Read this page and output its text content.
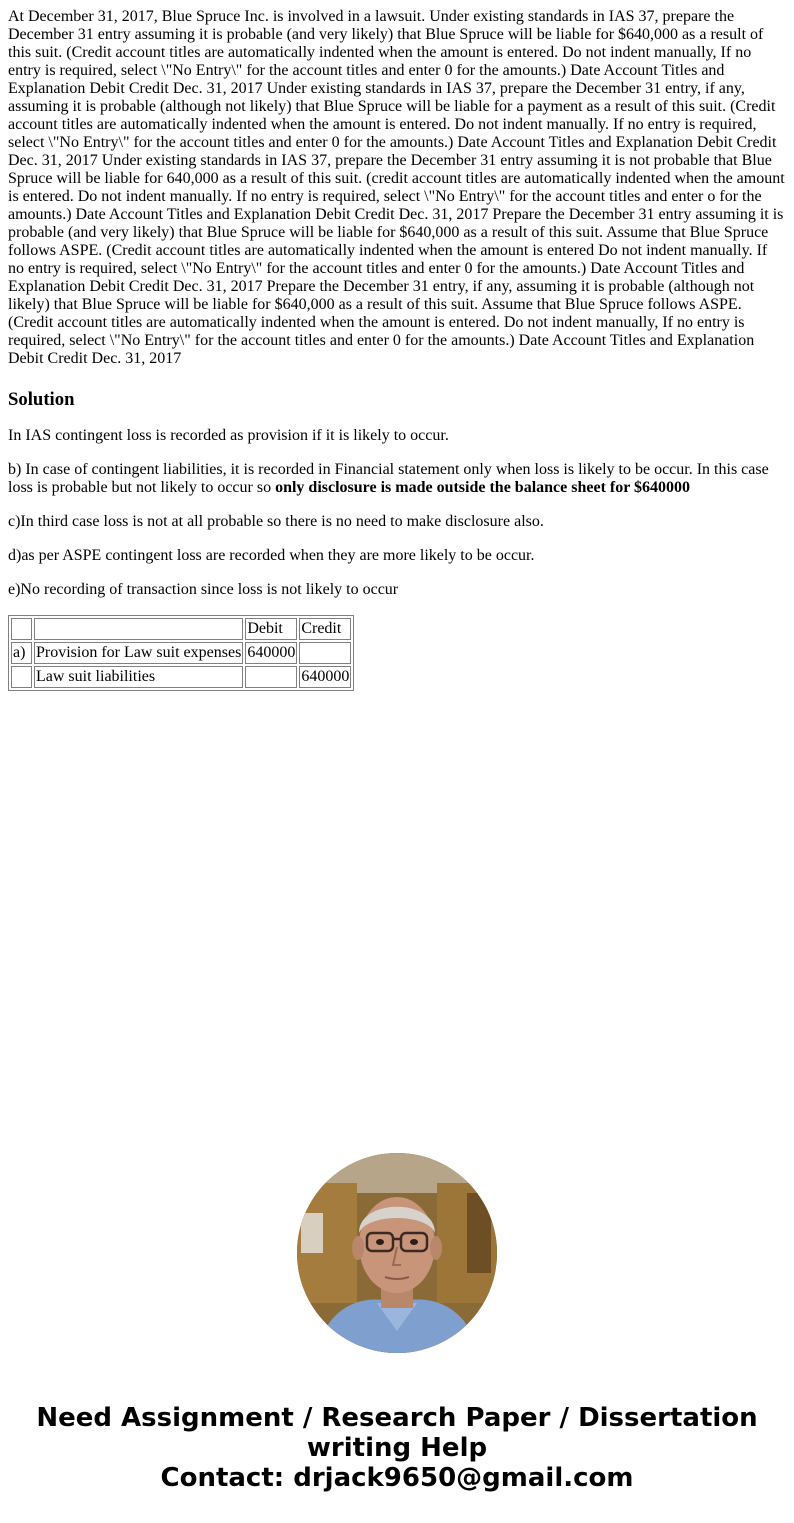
At December 31, 2017, Blue Spruce Inc. is involved in a lawsuit. Under existing standards in IAS 37, prepare the December 31 entry assuming it is probable (and very likely) that Blue Spruce will be liable for $640,000 as a result of this suit. (Credit account titles are automatically indented when the amount is entered. Do not indent manually, If no entry is required, select \"No Entry\" for the account titles and enter 0 for the amounts.) Date Account Titles and Explanation Debit Credit Dec. 31, 2017 Under existing standards in IAS 37, prepare the December 31 entry, if any, assuming it is probable (although not likely) that Blue Spruce will be liable for a payment as a result of this suit. (Credit account titles are automatically indented when the amount is entered. Do not indent manually. If no entry is required, select \"No Entry\" for the account titles and enter 0 for the amounts.) Date Account Titles and Explanation Debit Credit Dec. 31, 2017 Under existing standards in IAS 37, prepare the December 31 entry assuming it is not probable that Blue Spruce will be liable for 640,000 as a result of this suit. (credit account titles are automatically indented when the amount is entered. Do not indent manually. If no entry is required, select \"No Entry\" for the account titles and enter o for the amounts.) Date Account Titles and Explanation Debit Credit Dec. 31, 2017 Prepare the December 31 entry assuming it is probable (and very likely) that Blue Spruce will be liable for $640,000 as a result of this suit. Assume that Blue Spruce follows ASPE. (Credit account titles are automatically indented when the amount is entered Do not indent manually. If no entry is required, select \"No Entry\" for the account titles and enter 0 for the amounts.) Date Account Titles and Explanation Debit Credit Dec. 31, 2017 Prepare the December 31 entry, if any, assuming it is probable (although not likely) that Blue Spruce will be liable for $640,000 as a result of this suit. Assume that Blue Spruce follows ASPE. (Credit account titles are automatically indented when the amount is entered. Do not indent manually, If no entry is required, select \"No Entry\" for the account titles and enter 0 for the amounts.) Date Account Titles and Explanation Debit Credit Dec. 31, 2017
Solution

In IAS contingent loss is recorded as provision if it is likely to occur.

b) In case of contingent liabilities, it is recorded in Financial statement only when loss is likely to be occur. In this case loss is probable but not likely to occur so only disclosure is made outside the balance sheet for $640000

c)In third case loss is not at all probable so there is no need to make disclosure also.

d)as per ASPE contingent loss are recorded when they are more likely to be occur.

e)No recording of transaction since loss is not likely to occur

		Debit	Credit
a)	Provision for Law suit expenses	640000	
	Law suit liabilities		640000
Need Assignment / Research Paper / Dissertation
writing Help
Contact: drjack9650@gmail.com
